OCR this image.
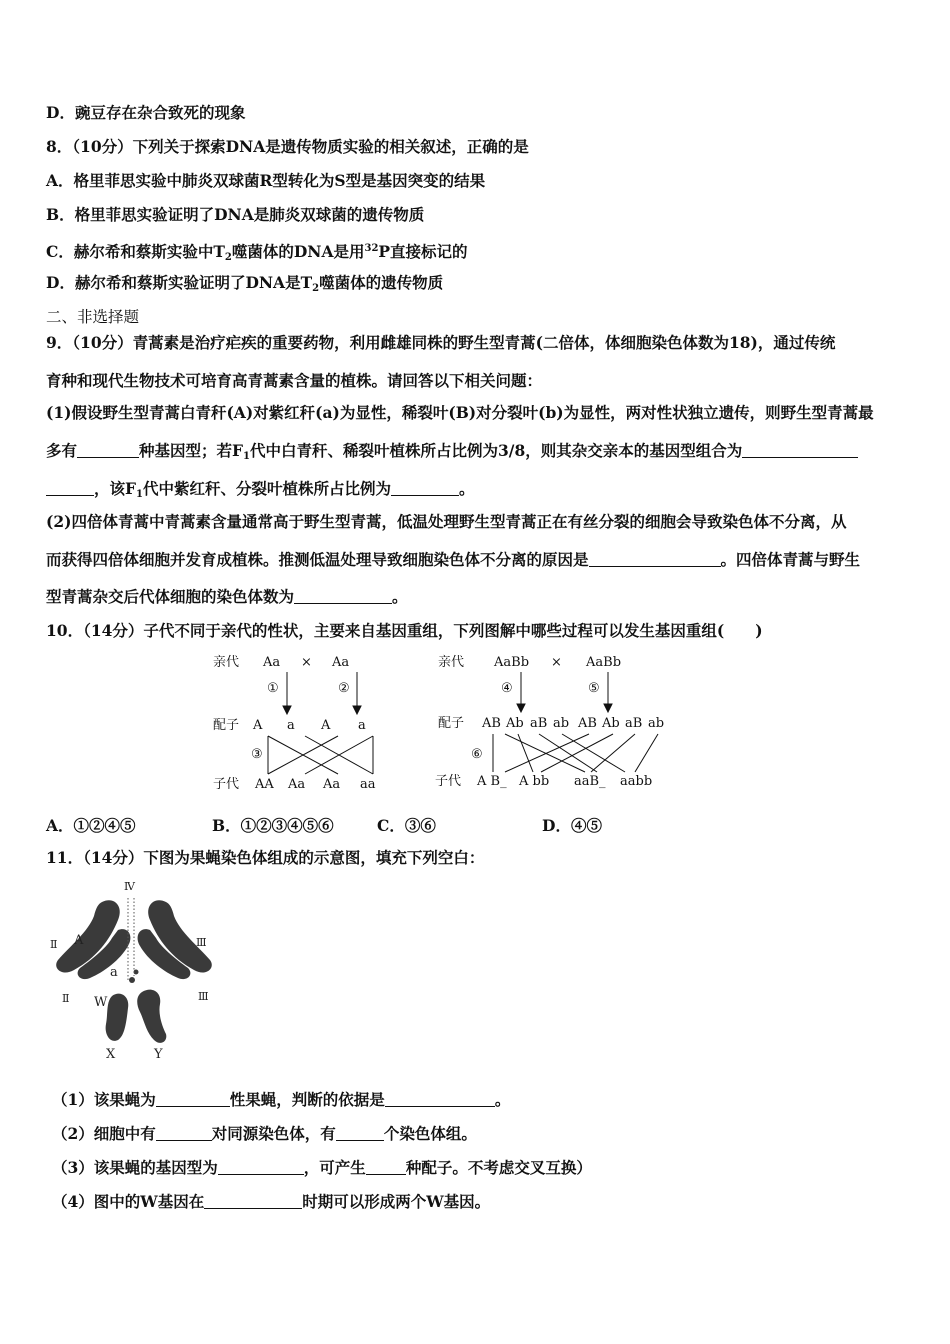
D．豌豆存在杂合致死的现象
8．（10分）下列关于探索DNA是遗传物质实验的相关叙述，正确的是
A．格里菲思实验中肺炎双球菌R型转化为S型是基因突变的结果
B．格里菲思实验证明了DNA是肺炎双球菌的遗传物质
C．赫尔希和蔡斯实验中$T_2$噬菌体的DNA是用$^{32}$P直接标记的
D．赫尔希和蔡斯实验证明了DNA是$T_2$噬菌体的遗传物质
二、非选择题
9．（10分）青蒿素是治疗疟疾的重要药物，利用雌雄同株的野生型青蒿(二倍体，体细胞染色体数为18)，通过传统
育种和现代生物技术可培育高青蒿素含量的植株。请回答以下相关问题：
(1)假设野生型青蒿白青秆(A)对紫红秆(a)为显性，稀裂叶(B)对分裂叶(b)为显性，两对性状独立遗传，则野生型青蒿最
多有	种基因型；若$F_1$代中白青秆、稀裂叶植株所占比例为3/8，则其杂交亲本的基因型组合为
，该$F_1$代中紫红秆、分裂叶植株所占比例为	。
(2)四倍体青蒿中青蒿素含量通常高于野生型青蒿，低温处理野生型青蒿正在有丝分裂的细胞会导致染色体不分离，从
而获得四倍体细胞并发育成植株。推测低温处理导致细胞染色体不分离的原因是	。四倍体青蒿与野生
型青蒿杂交后代体细胞的染色体数为	。
10．（14分）子代不同于亲代的性状，主要来自基因重组，下列图解中哪些过程可以发生基因重组(　　)
亲代 Aa × Aa
①	②
配子 A a A a
③
子代 AA Aa Aa aa
亲代 AaBb × AaBb
④	⑤
配子 AB Ab aB ab AB Ab aB ab
⑥
子代 A B_ A bb aaB_ aabb
A．①②④⑤	B．①②③④⑤⑥	C．③⑥	D．④⑤
11．（14分）下图为果蝇染色体组成的示意图，填充下列空白：
Ⅳ
Ⅱ	Ⅲ
Ⅱ	Ⅲ
A
a
W
X	Y
（1）该果蝇为	性果蝇，判断的依据是	。
（2）细胞中有	对同源染色体，有	个染色体组。
（3）该果蝇的基因型为	，可产生	种配子。不考虑交叉互换）
（4）图中的W基因在	时期可以形成两个W基因。
